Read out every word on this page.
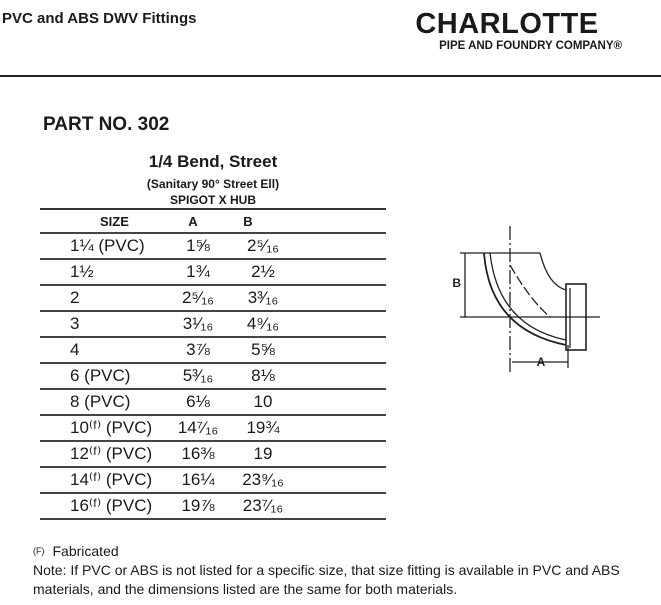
PVC and ABS DWV Fittings	CHARLOTTE
PIPE AND FOUNDRY COMPANY®
PART NO. 302
1/4 Bend, Street
(Sanitary 90° Street Ell)
SPIGOT X HUB
SIZE	A	B
1¼ (PVC)	1⅝	2⁵⁄₁₆
1½	1¾	2½
2	2⁵⁄₁₆	3³⁄₁₆
3	3¹⁄₁₆	4⁹⁄₁₆
4	3⅞	5⅝
6 (PVC)	5³⁄₁₆	8⅛
8 (PVC)	6⅛	10
10⁽ᶠ⁾ (PVC)	14⁷⁄₁₆	19¾
12⁽ᶠ⁾ (PVC)	16⅜	19
14⁽ᶠ⁾ (PVC)	16¼	23⁹⁄₁₆
16⁽ᶠ⁾ (PVC)	19⅞	23⁷⁄₁₆
B
A
$^{(F)}$ Fabricated
Note: If PVC or ABS is not listed for a specific size, that size fitting is available in PVC and ABS materials, and the dimensions listed are the same for both materials.
